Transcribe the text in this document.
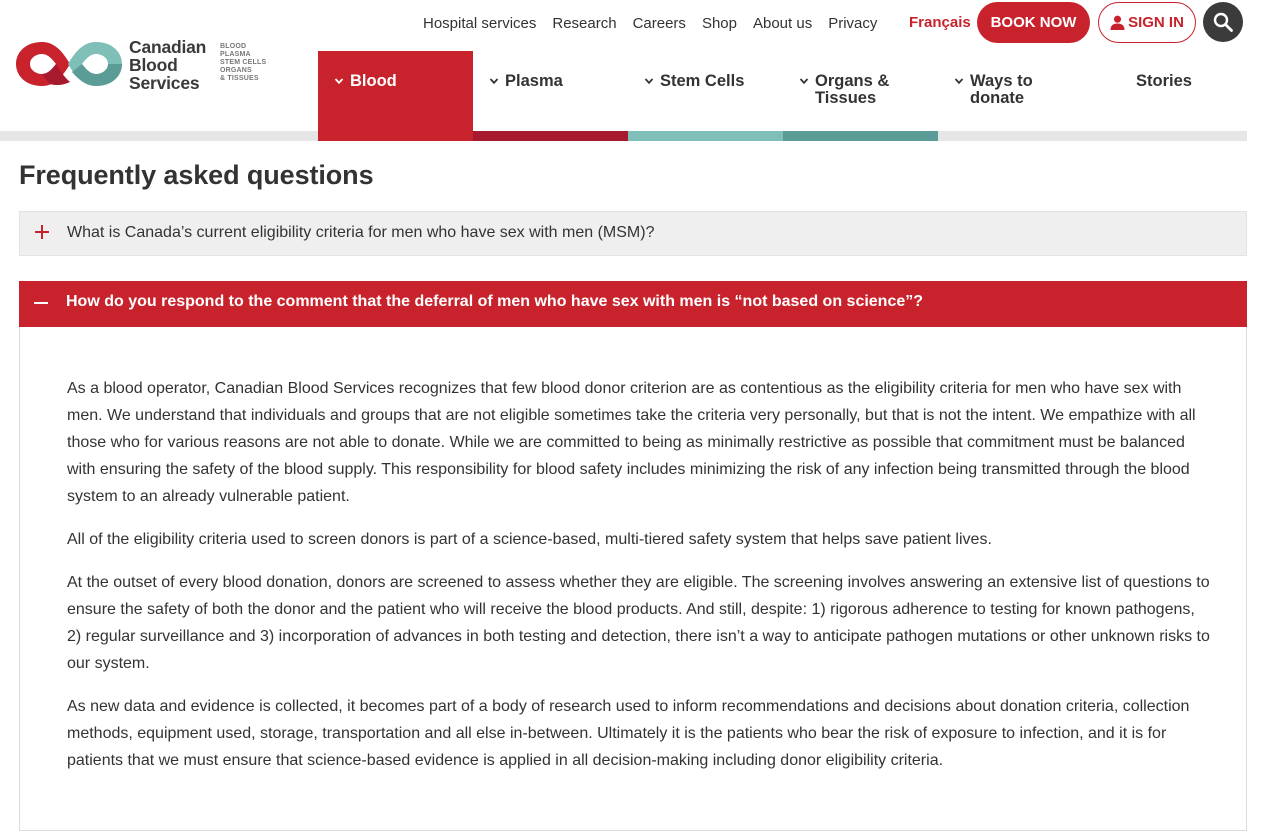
Canadian
Blood
Services
BLOOD
PLASMA
STEM CELLS
ORGANS
& TISSUES
Hospital services Research Careers Shop About us Privacy Français	BOOK NOW	SIGN IN
Blood	Plasma	Stem Cells	Organs &
Tissues
Ways to
donate
Stories
Frequently asked questions
What is Canada’s current eligibility criteria for men who have sex with men (MSM)?
How do you respond to the comment that the deferral of men who have sex with men is “not based on science”?

As a blood operator, Canadian Blood Services recognizes that few blood donor criterion are as contentious as the eligibility criteria for men who have sex with men. We understand that individuals and groups that are not eligible sometimes take the criteria very personally, but that is not the intent. We empathize with all those who for various reasons are not able to donate. While we are committed to being as minimally restrictive as possible that commitment must be balanced with ensuring the safety of the blood supply. This responsibility for blood safety includes minimizing the risk of any infection being transmitted through the blood system to an already vulnerable patient.

All of the eligibility criteria used to screen donors is part of a science-based, multi-tiered safety system that helps save patient lives.

At the outset of every blood donation, donors are screened to assess whether they are eligible. The screening involves answering an extensive list of questions to ensure the safety of both the donor and the patient who will receive the blood products. And still, despite: 1) rigorous adherence to testing for known pathogens, 2) regular surveillance and 3) incorporation of advances in both testing and detection, there isn’t a way to anticipate pathogen mutations or other unknown risks to our system.

As new data and evidence is collected, it becomes part of a body of research used to inform recommendations and decisions about donation criteria, collection methods, equipment used, storage, transportation and all else in-between. Ultimately it is the patients who bear the risk of exposure to infection, and it is for patients that we must ensure that science-based evidence is applied in all decision-making including donor eligibility criteria.
